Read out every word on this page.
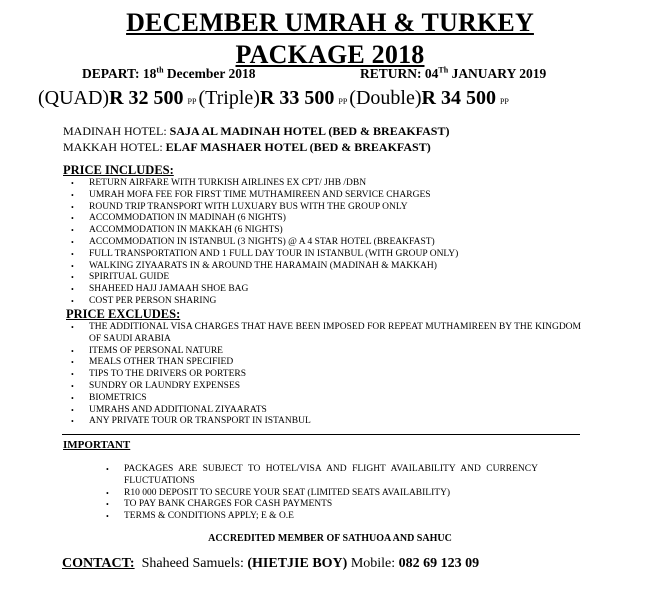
DECEMBER UMRAH & TURKEY
PACKAGE 2018
DEPART: 18th December 2018	RETURN: 04Th JANUARY 2019
(QUAD)R 32 500 PP (Triple)R 33 500 PP (Double)R 34 500 PP
MADINAH HOTEL: SAJA AL MADINAH HOTEL (BED & BREAKFAST)
MAKKAH HOTEL: ELAF MASHAER HOTEL (BED & BREAKFAST)
PRICE INCLUDES:
• RETURN AIRFARE WITH TURKISH AIRLINES EX CPT/ JHB /DBN
• UMRAH MOFA FEE FOR FIRST TIME MUTHAMIREEN AND SERVICE CHARGES
• ROUND TRIP TRANSPORT WITH LUXUARY BUS WITH THE GROUP ONLY
• ACCOMMODATION IN MADINAH (6 NIGHTS)
• ACCOMMODATION IN MAKKAH (6 NIGHTS)
• ACCOMMODATION IN ISTANBUL (3 NIGHTS) @ A 4 STAR HOTEL (BREAKFAST)
• FULL TRANSPORTATION AND 1 FULL DAY TOUR IN ISTANBUL (WITH GROUP ONLY)
• WALKING ZIYAARATS IN & AROUND THE HARAMAIN (MADINAH & MAKKAH)
• SPIRITUAL GUIDE
• SHAHEED HAJJ JAMAAH SHOE BAG
• COST PER PERSON SHARING
PRICE EXCLUDES:
• THE ADDITIONAL VISA CHARGES THAT HAVE BEEN IMPOSED FOR REPEAT MUTHAMIREEN BY THE KINGDOM OF SAUDI ARABIA
• ITEMS OF PERSONAL NATURE
• MEALS OTHER THAN SPECIFIED
• TIPS TO THE DRIVERS OR PORTERS
• SUNDRY OR LAUNDRY EXPENSES
• BIOMETRICS
• UMRAHS AND ADDITIONAL ZIYAARATS
• ANY PRIVATE TOUR OR TRANSPORT IN ISTANBUL
IMPORTANT
• PACKAGES ARE SUBJECT TO HOTEL/VISA AND FLIGHT AVAILABILITY AND CURRENCY FLUCTUATIONS
• R10 000 DEPOSIT TO SECURE YOUR SEAT (LIMITED SEATS AVAILABILITY)
• TO PAY BANK CHARGES FOR CASH PAYMENTS
• TERMS & CONDITIONS APPLY; E & O.E
ACCREDITED MEMBER OF SATHUOA AND SAHUC
CONTACT:  Shaheed Samuels: (HIETJIE BOY) Mobile: 082 69 123 09
